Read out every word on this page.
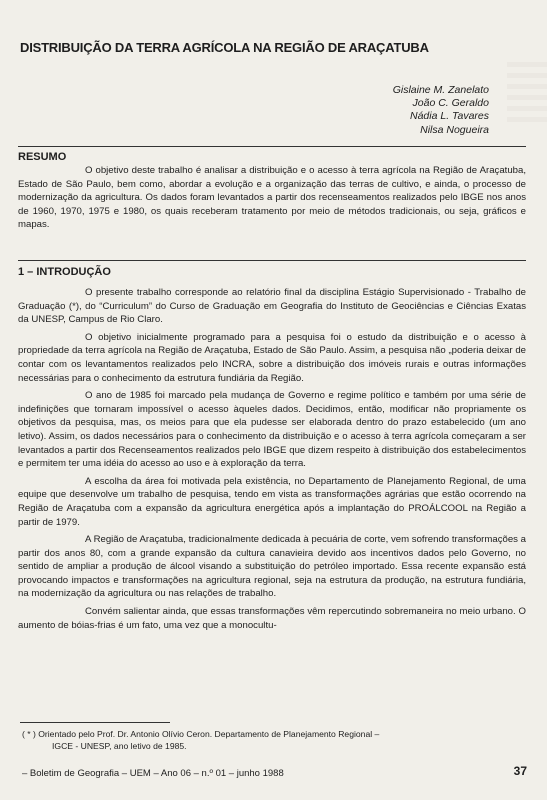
DISTRIBUIÇÃO DA TERRA AGRÍCOLA NA REGIÃO DE ARAÇATUBA
Gislaine M. Zanelato
João C. Geraldo
Nádia L. Tavares
Nilsa Nogueira
RESUMO

O objetivo deste trabalho é analisar a distribuição e o acesso à terra agrícola na Região de Araçatuba, Estado de São Paulo, bem como, abordar a evolução e a organização das terras de cultivo, e ainda, o processo de modernização da agricultura. Os dados foram levantados a partir dos recenseamentos realizados pelo IBGE nos anos de 1960, 1970, 1975 e 1980, os quais receberam tratamento por meio de métodos tradicionais, ou seja, gráficos e mapas.

1 – INTRODUÇÃO

O presente trabalho corresponde ao relatório final da disciplina Estágio Supervisionado - Trabalho de Graduação (*), do “Curriculum” do Curso de Graduação em Geografia do Instituto de Geociências e Ciências Exatas da UNESP, Campus de Rio Claro.

O objetivo inicialmente programado para a pesquisa foi o estudo da distribuição e o acesso à propriedade da terra agrícola na Região de Araçatuba, Estado de São Paulo. Assim, a pesquisa não „poderia deixar de contar com os levantamentos realizados pelo INCRA, sobre a distribuição dos imóveis rurais e outras informações necessárias para o conhecimento da estrutura fundiária da Região.

O ano de 1985 foi marcado pela mudança de Governo e regime político e também por uma série de indefinições que tornaram impossível o acesso àqueles dados. Decidimos, então, modificar não propriamente os objetivos da pesquisa, mas, os meios para que ela pudesse ser elaborada dentro do prazo estabelecido (um ano letivo). Assim, os dados necessários para o conhecimento da distribuição e o acesso à terra agrícola começaram a ser levantados a partir dos Recenseamentos realizados pelo IBGE que dizem respeito à distribuição dos estabelecimentos e permitem ter uma idéia do acesso ao uso e à exploração da terra.

A escolha da área foi motivada pela existência, no Departamento de Planejamento Regional, de uma equipe que desenvolve um trabalho de pesquisa, tendo em vista as transformações agrárias que estão ocorrendo na Região de Araçatuba com a expansão da agricultura energética após a implantação do PROÁLCOOL na Região a partir de 1979.

A Região de Araçatuba, tradicionalmente dedicada à pecuária de corte, vem sofrendo transformações a partir dos anos 80, com a grande expansão da cultura canavieira devido aos incentivos dados pelo Governo, no sentido de ampliar a produção de álcool visando a substituição do petróleo importado. Essa recente expansão está provocando impactos e transformações na agricultura regional, seja na estrutura da produção, na estrutura fundiária, na modernização da agricultura ou nas relações de trabalho.

Convém salientar ainda, que essas transformações vêm repercutindo sobremaneira no meio urbano. O aumento de bóias-frias é um fato, uma vez que a monocultu-

( * ) Orientado pelo Prof. Dr. Antonio Olívio Ceron. Departamento de Planejamento Regional –
IGCE - UNESP, ano letivo de 1985.
– Boletim de Geografia – UEM – Ano 06 – n.º 01 – junho 1988	37
